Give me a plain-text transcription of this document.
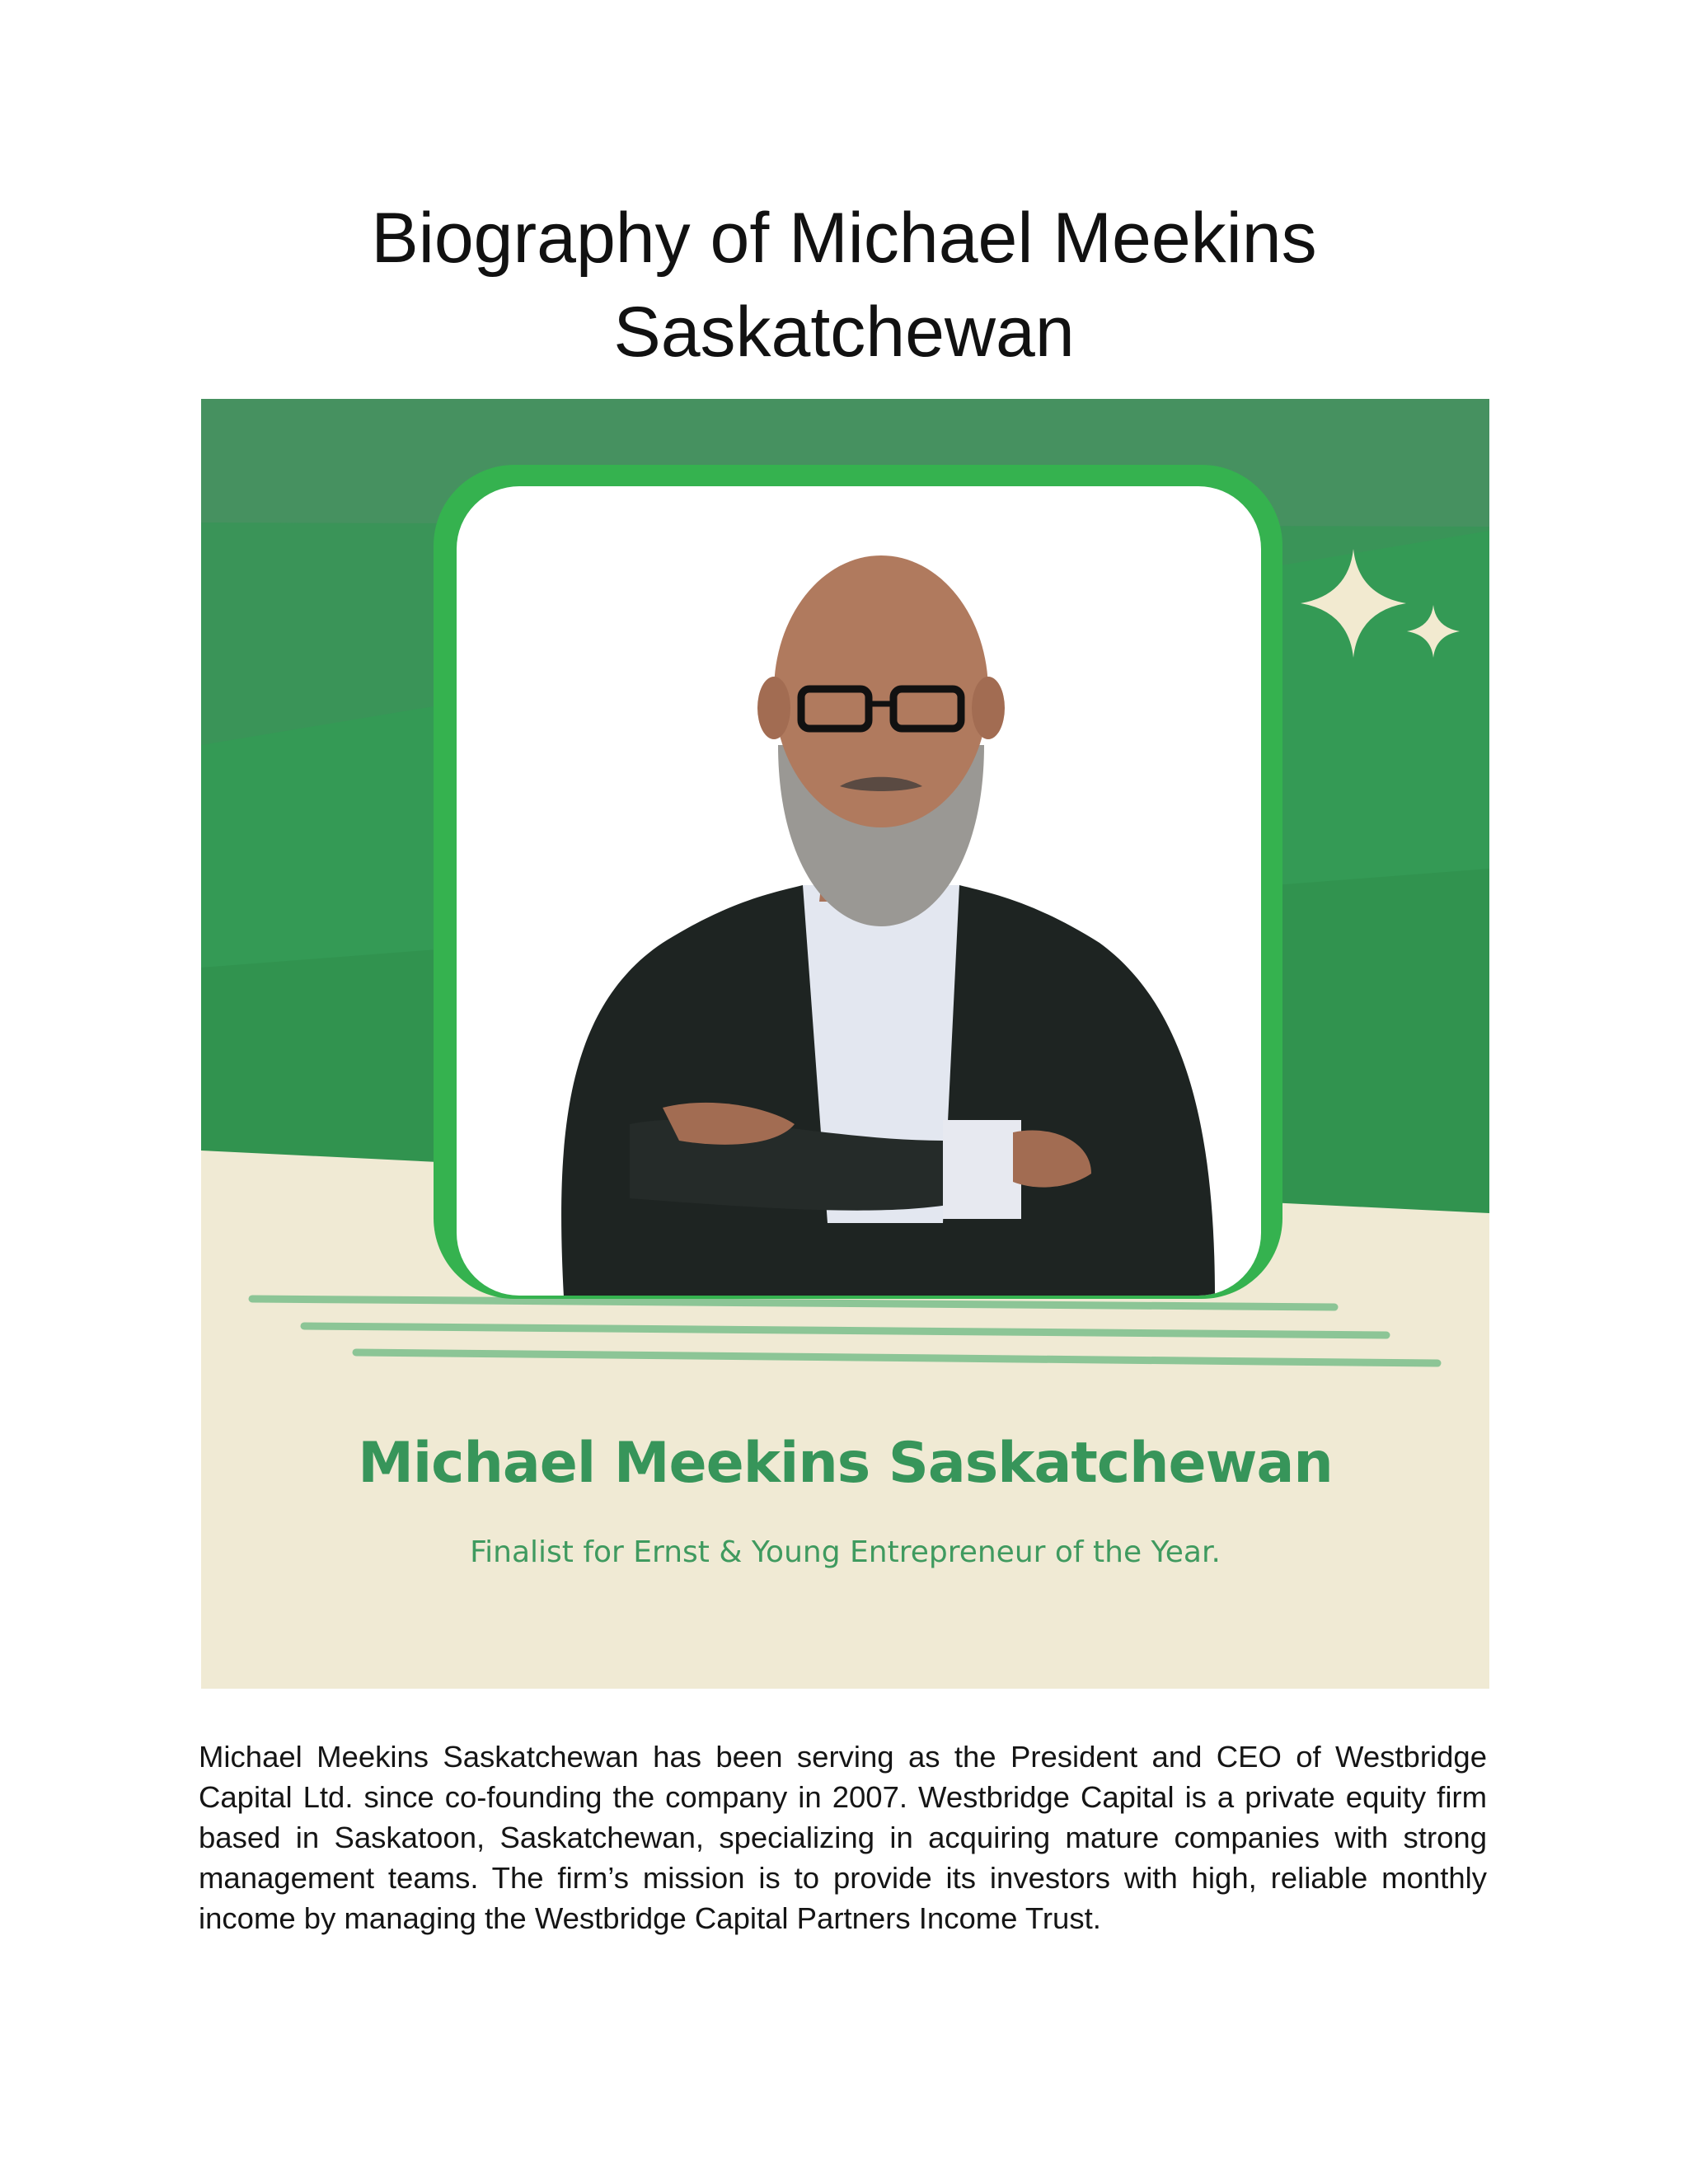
Biography of Michael Meekins
Saskatchewan
Michael Meekins Saskatchewan
Finalist for Ernst & Young Entrepreneur of the Year.

Michael Meekins Saskatchewan has been serving as the President and CEO of Westbridge Capital Ltd. since co-founding the company in 2007. Westbridge Capital is a private equity firm based in Saskatoon, Saskatchewan, specializing in acquiring mature companies with strong management teams. The firm’s mission is to provide its investors with high, reliable monthly income by managing the Westbridge Capital Partners Income Trust.
